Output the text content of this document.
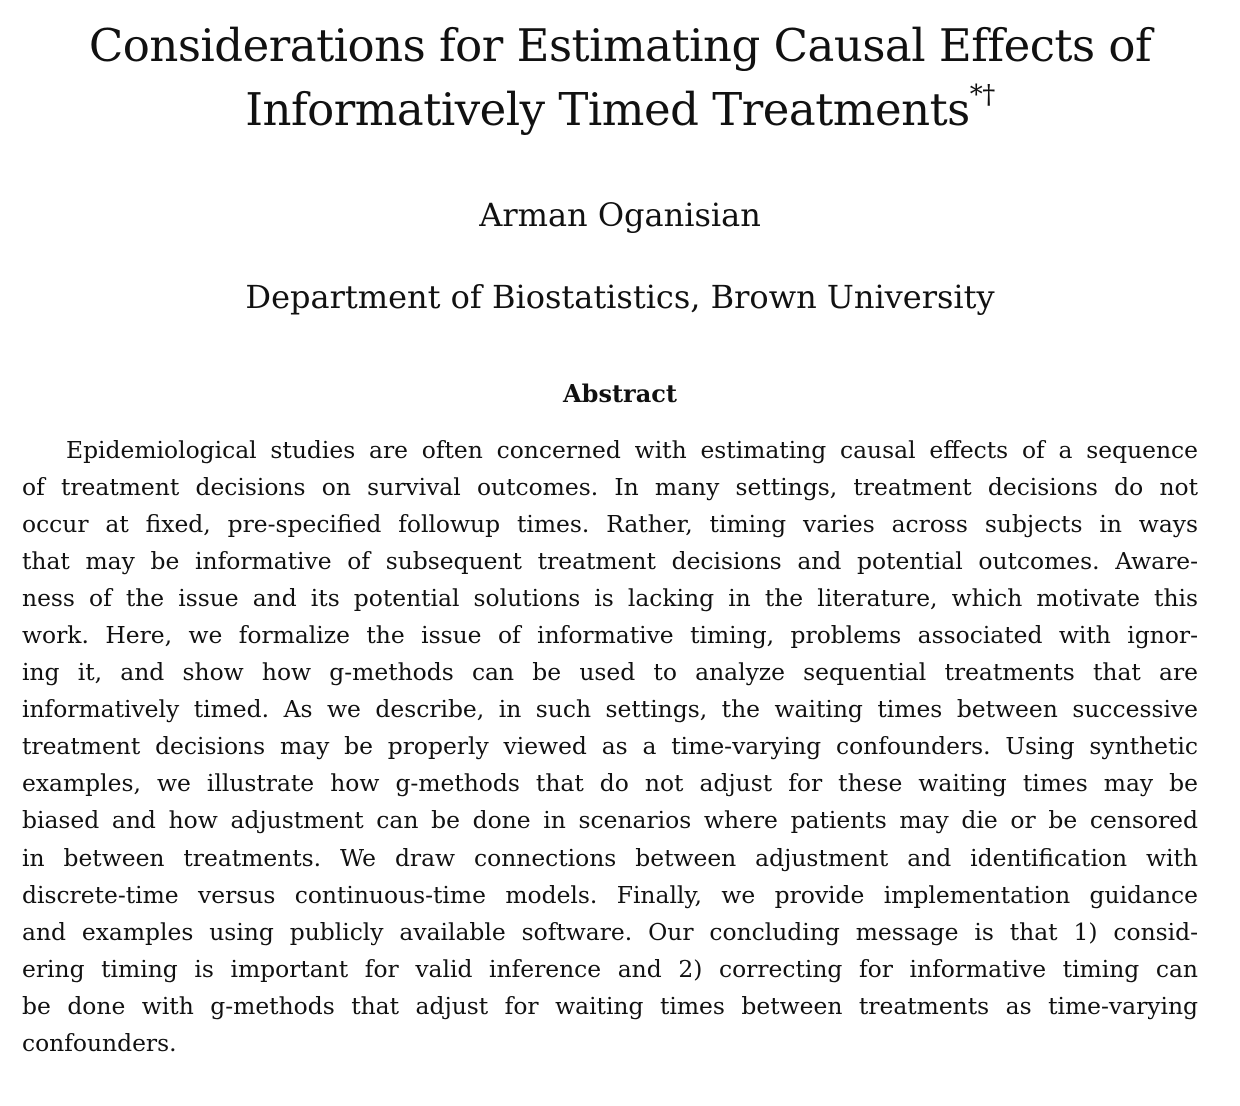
Considerations for Estimating Causal Effects of
Informatively Timed Treatments*†
Arman Oganisian
Department of Biostatistics, Brown University
Abstract
Epidemiological studies are often concerned with estimating causal effects of a sequence
of treatment decisions on survival outcomes. In many settings, treatment decisions do not
occur at fixed, pre-specified followup times. Rather, timing varies across subjects in ways
that may be informative of subsequent treatment decisions and potential outcomes. Aware-
ness of the issue and its potential solutions is lacking in the literature, which motivate this
work. Here, we formalize the issue of informative timing, problems associated with ignor-
ing it, and show how g-methods can be used to analyze sequential treatments that are
informatively timed. As we describe, in such settings, the waiting times between successive
treatment decisions may be properly viewed as a time-varying confounders. Using synthetic
examples, we illustrate how g-methods that do not adjust for these waiting times may be
biased and how adjustment can be done in scenarios where patients may die or be censored
in between treatments. We draw connections between adjustment and identification with
discrete-time versus continuous-time models. Finally, we provide implementation guidance
and examples using publicly available software. Our concluding message is that 1) consid-
ering timing is important for valid inference and 2) correcting for informative timing can
be done with g-methods that adjust for waiting times between treatments as time-varying
confounders.
